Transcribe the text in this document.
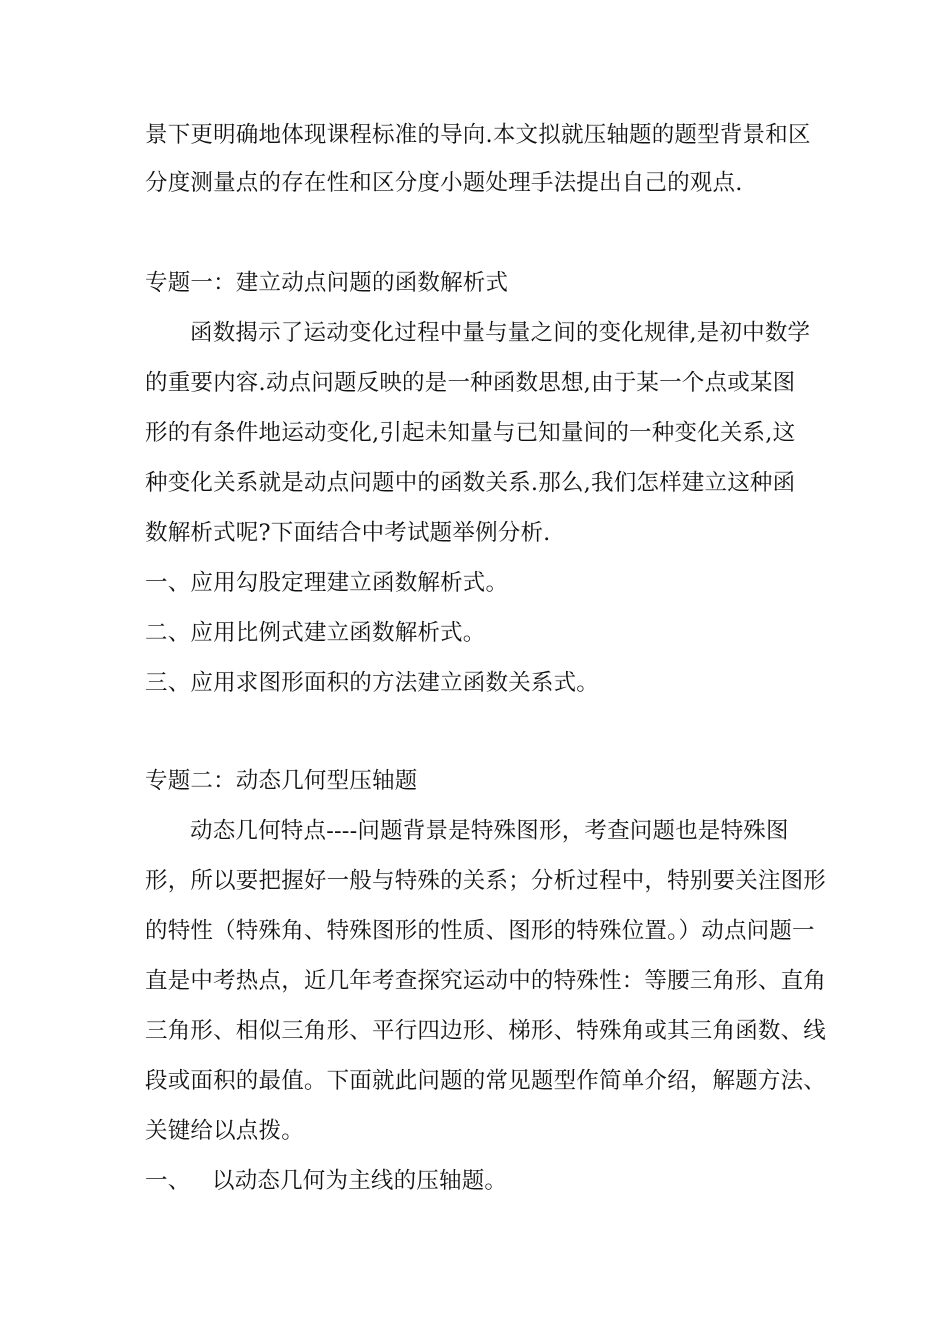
景下更明确地体现课程标准的导向.本文拟就压轴题的题型背景和区
分度测量点的存在性和区分度小题处理手法提出自己的观点.
专题一：建立动点问题的函数解析式
函数揭示了运动变化过程中量与量之间的变化规律,是初中数学
的重要内容.动点问题反映的是一种函数思想,由于某一个点或某图
形的有条件地运动变化,引起未知量与已知量间的一种变化关系,这
种变化关系就是动点问题中的函数关系.那么,我们怎样建立这种函
数解析式呢?下面结合中考试题举例分析.
一、应用勾股定理建立函数解析式。
二、应用比例式建立函数解析式。
三、应用求图形面积的方法建立函数关系式。
专题二：动态几何型压轴题
动态几何特点----问题背景是特殊图形，考查问题也是特殊图
形，所以要把握好一般与特殊的关系；分析过程中，特别要关注图形
的特性（特殊角、特殊图形的性质、图形的特殊位置。）动点问题一
直是中考热点，近几年考查探究运动中的特殊性：等腰三角形、直角
三角形、相似三角形、平行四边形、梯形、特殊角或其三角函数、线
段或面积的最值。下面就此问题的常见题型作简单介绍，解题方法、
关键给以点拨。
一、 以动态几何为主线的压轴题。
